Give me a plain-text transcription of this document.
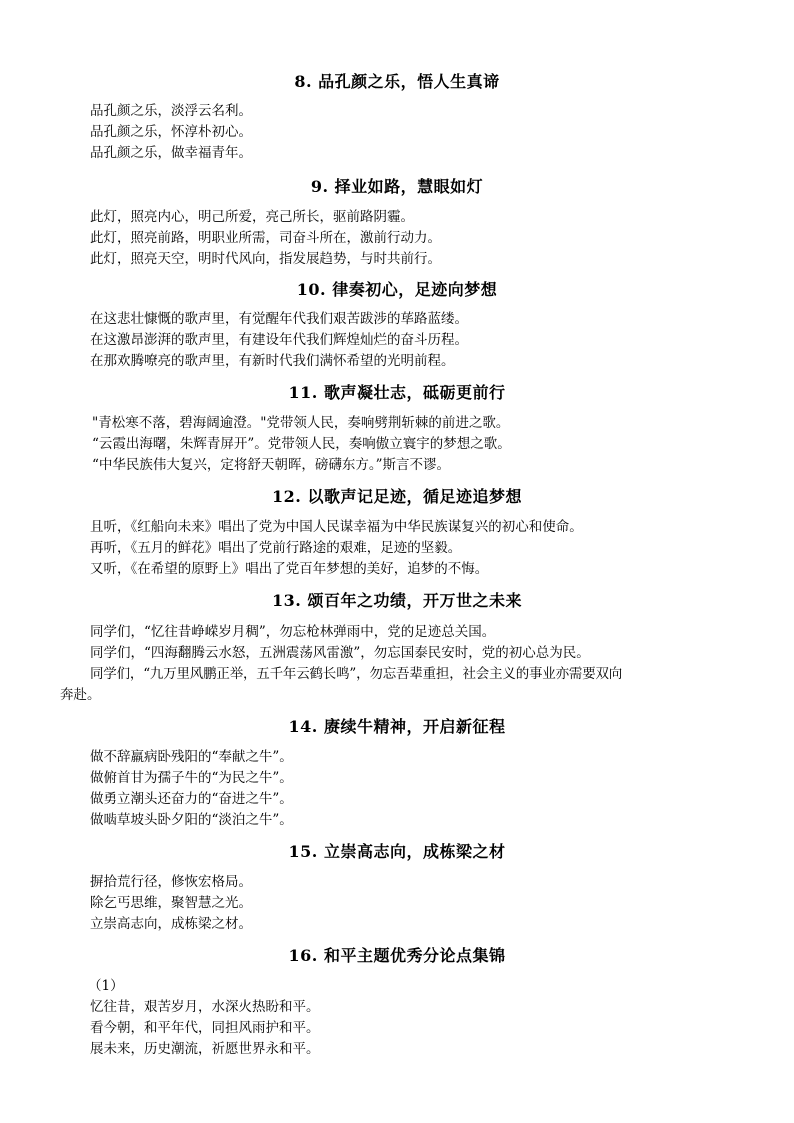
8. 品孔颜之乐，悟人生真谛
品孔颜之乐，淡浮云名利。
品孔颜之乐，怀淳朴初心。
品孔颜之乐，做幸福青年。
9. 择业如路，慧眼如灯
此灯，照亮内心，明己所爱，亮己所长，驱前路阴霾。
此灯，照亮前路，明职业所需，司奋斗所在，激前行动力。
此灯，照亮天空，明时代风向，指发展趋势，与时共前行。
10. 律奏初心，足迹向梦想
在这悲壮慷慨的歌声里，有觉醒年代我们艰苦跋涉的荜路蓝缕。
在这激昂澎湃的歌声里，有建设年代我们辉煌灿烂的奋斗历程。
在那欢腾嘹亮的歌声里，有新时代我们满怀希望的光明前程。
11. 歌声凝壮志，砥砺更前行
"青松寒不落，碧海阔逾澄。"党带领人民，奏响劈荆斩棘的前进之歌。
“云霞出海曙，朱辉青屏开”。党带领人民，奏响傲立寰宇的梦想之歌。
“中华民族伟大复兴，定将舒天朝晖，磅礴东方。”斯言不谬。
12. 以歌声记足迹，循足迹追梦想
且听，《红船向未来》唱出了党为中国人民谋幸福为中华民族谋复兴的初心和使命。
再听，《五月的鲜花》唱出了党前行路途的艰难，足迹的坚毅。
又听，《在希望的原野上》唱出了党百年梦想的美好，追梦的不悔。
13. 颂百年之功绩，开万世之未来
同学们，“忆往昔峥嵘岁月稠”，勿忘枪林弹雨中，党的足迹总关国。
同学们，“四海翻腾云水怒，五洲震荡风雷激”，勿忘国泰民安时，党的初心总为民。
同学们，“九万里风鹏正举，五千年云鹤长鸣”，勿忘吾辈重担，社会主义的事业亦需要双向
奔赴。
14. 赓续牛精神，开启新征程
做不辞羸病卧残阳的“奉献之牛”。
做俯首甘为孺子牛的“为民之牛”。
做勇立潮头还奋力的“奋进之牛”。
做啮草坡头卧夕阳的“淡泊之牛”。
15. 立崇高志向，成栋梁之材
摒拾荒行径，修恢宏格局。
除乞丐思维，聚智慧之光。
立崇高志向，成栋梁之材。
16. 和平主题优秀分论点集锦
（1）
忆往昔，艰苦岁月，水深火热盼和平。
看今朝，和平年代，同担风雨护和平。
展未来，历史潮流，祈愿世界永和平。
